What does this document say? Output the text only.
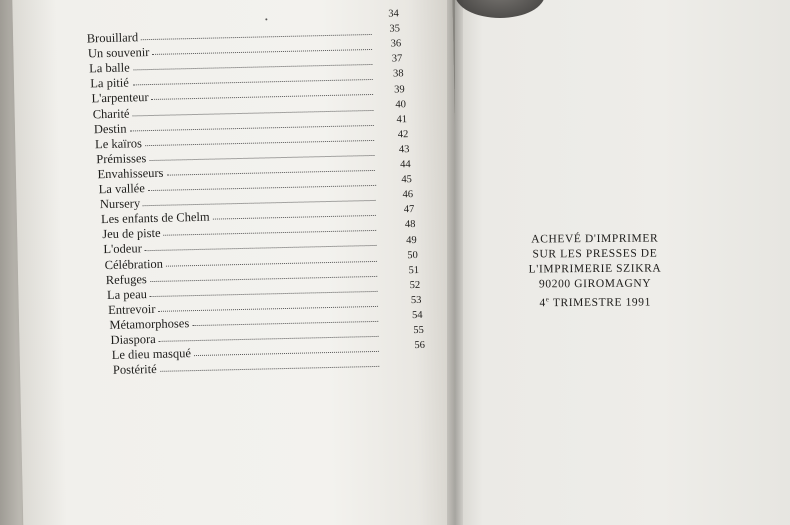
Brouillard
34
Un souvenir
35
La balle
36
La pitié
37
L'arpenteur
38
Charité
39
Destin
40
Le kaïros
41
Prémisses
42
Envahisseurs
43
La vallée
44
Nursery
45
Les enfants de Chelm
46
Jeu de piste
47
L'odeur
48
Célébration
49
Refuges
50
La peau
51
Entrevoir
52
Métamorphoses
53
Diaspora
54
Le dieu masqué
55
Postérité
56
ACHEVÉ D'IMPRIMER
SUR LES PRESSES DE
L'IMPRIMERIE SZIKRA
90200 GIROMAGNY
4e TRIMESTRE 1991
